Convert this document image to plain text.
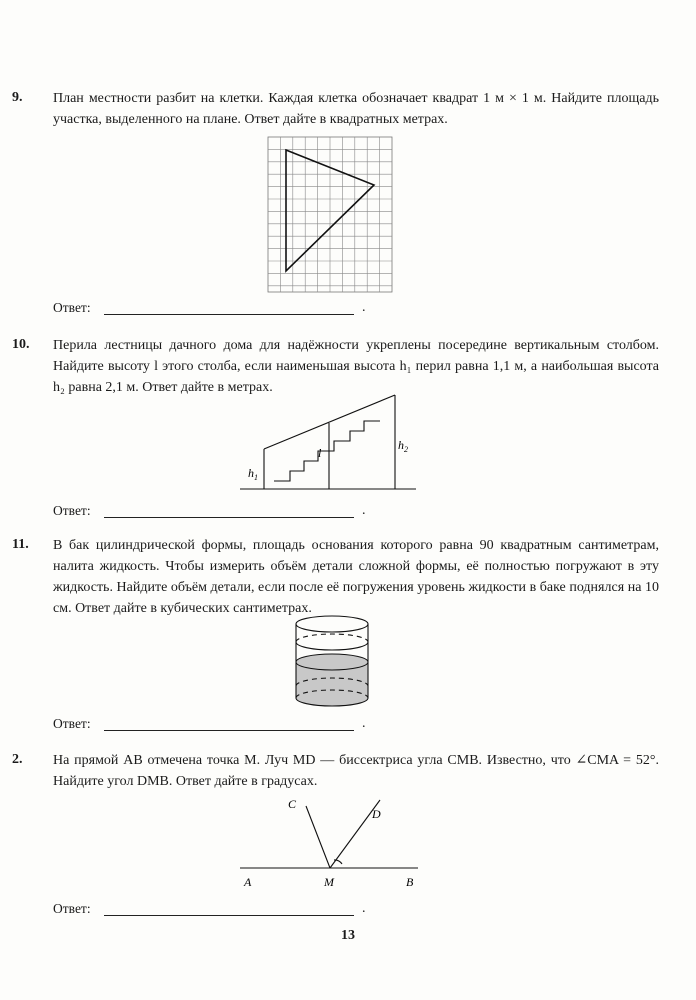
9. План местности разбит на клетки. Каждая клетка обозначает квадрат 1 м × 1 м. Найдите площадь участка, выделенного на плане. Ответ дайте в квадратных метрах.
Ответ:	.
10. Перила лестницы дачного дома для надёжности укреплены посередине вертикальным столбом. Найдите высоту l этого столба, если наименьшая высота h₁ перил равна 1,1 м, а наибольшая высота h₂ равна 2,1 м. Ответ дайте в метрах.
$h_1$
l
$h_2$
Ответ:	.
11. В бак цилиндрической формы, площадь основания которого равна 90 квадратным сантиметрам, налита жидкость. Чтобы измерить объём детали сложной формы, её полностью погружают в эту жидкость. Найдите объём детали, если после её погружения уровень жидкости в баке поднялся на 10 см. Ответ дайте в кубических сантиметрах.
Ответ:	.
2. На прямой AB отмечена точка M. Луч MD — биссектриса угла CMB. Известно, что ∠CMA = 52°. Найдите угол DMB. Ответ дайте в градусах.
A	M	B
C
D
Ответ:	.
13
